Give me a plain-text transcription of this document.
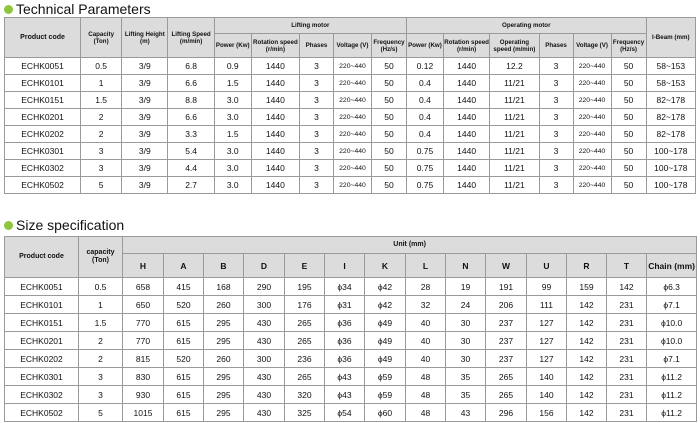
Technical Parameters
Product code	Capacity (Ton)	Lifting Height (m)	Lifting Speed (m/min)	Lifting motor					Operating motor						I-Beam (mm)
				Power (Kw)	Rotation speed (r/min)	Phases	Voltage (V)	Frequency (Hz/s)	Power (Kw)	Rotation speed (r/min)	Operating speed (m/min)	Phases	Voltage (V)	Frequency (Hz/s)	
ECHK0051	0.5	3/9	6.8	0.9	1440	3	220~440	50	0.12	1440	12.2	3	220~440	50	58~153
ECHK0101	1	3/9	6.6	1.5	1440	3	220~440	50	0.4	1440	11/21	3	220~440	50	58~153
ECHK0151	1.5	3/9	8.8	3.0	1440	3	220~440	50	0.4	1440	11/21	3	220~440	50	82~178
ECHK0201	2	3/9	6.6	3.0	1440	3	220~440	50	0.4	1440	11/21	3	220~440	50	82~178
ECHK0202	2	3/9	3.3	1.5	1440	3	220~440	50	0.4	1440	11/21	3	220~440	50	82~178
ECHK0301	3	3/9	5.4	3.0	1440	3	220~440	50	0.75	1440	11/21	3	220~440	50	100~178
ECHK0302	3	3/9	4.4	3.0	1440	3	220~440	50	0.75	1440	11/21	3	220~440	50	100~178
ECHK0502	5	3/9	2.7	3.0	1440	3	220~440	50	0.75	1440	11/21	3	220~440	50	100~178
Size specification
Product code	capacity (Ton)	Unit (mm)													
		H	A	B	D	E	I	K	L	N	W	U	R	T	Chain (mm)
ECHK0051	0.5	658	415	168	290	195	ϕ34	ϕ42	28	19	191	99	159	142	ϕ6.3
ECHK0101	1	650	520	260	300	176	ϕ31	ϕ42	32	24	206	111	142	231	ϕ7.1
ECHK0151	1.5	770	615	295	430	265	ϕ36	ϕ49	40	30	237	127	142	231	ϕ10.0
ECHK0201	2	770	615	295	430	265	ϕ36	ϕ49	40	30	237	127	142	231	ϕ10.0
ECHK0202	2	815	520	260	300	236	ϕ36	ϕ49	40	30	237	127	142	231	ϕ7.1
ECHK0301	3	830	615	295	430	265	ϕ43	ϕ59	48	35	265	140	142	231	ϕ11.2
ECHK0302	3	930	615	295	430	320	ϕ43	ϕ59	48	35	265	140	142	231	ϕ11.2
ECHK0502	5	1015	615	295	430	325	ϕ54	ϕ60	48	43	296	156	142	231	ϕ11.2
